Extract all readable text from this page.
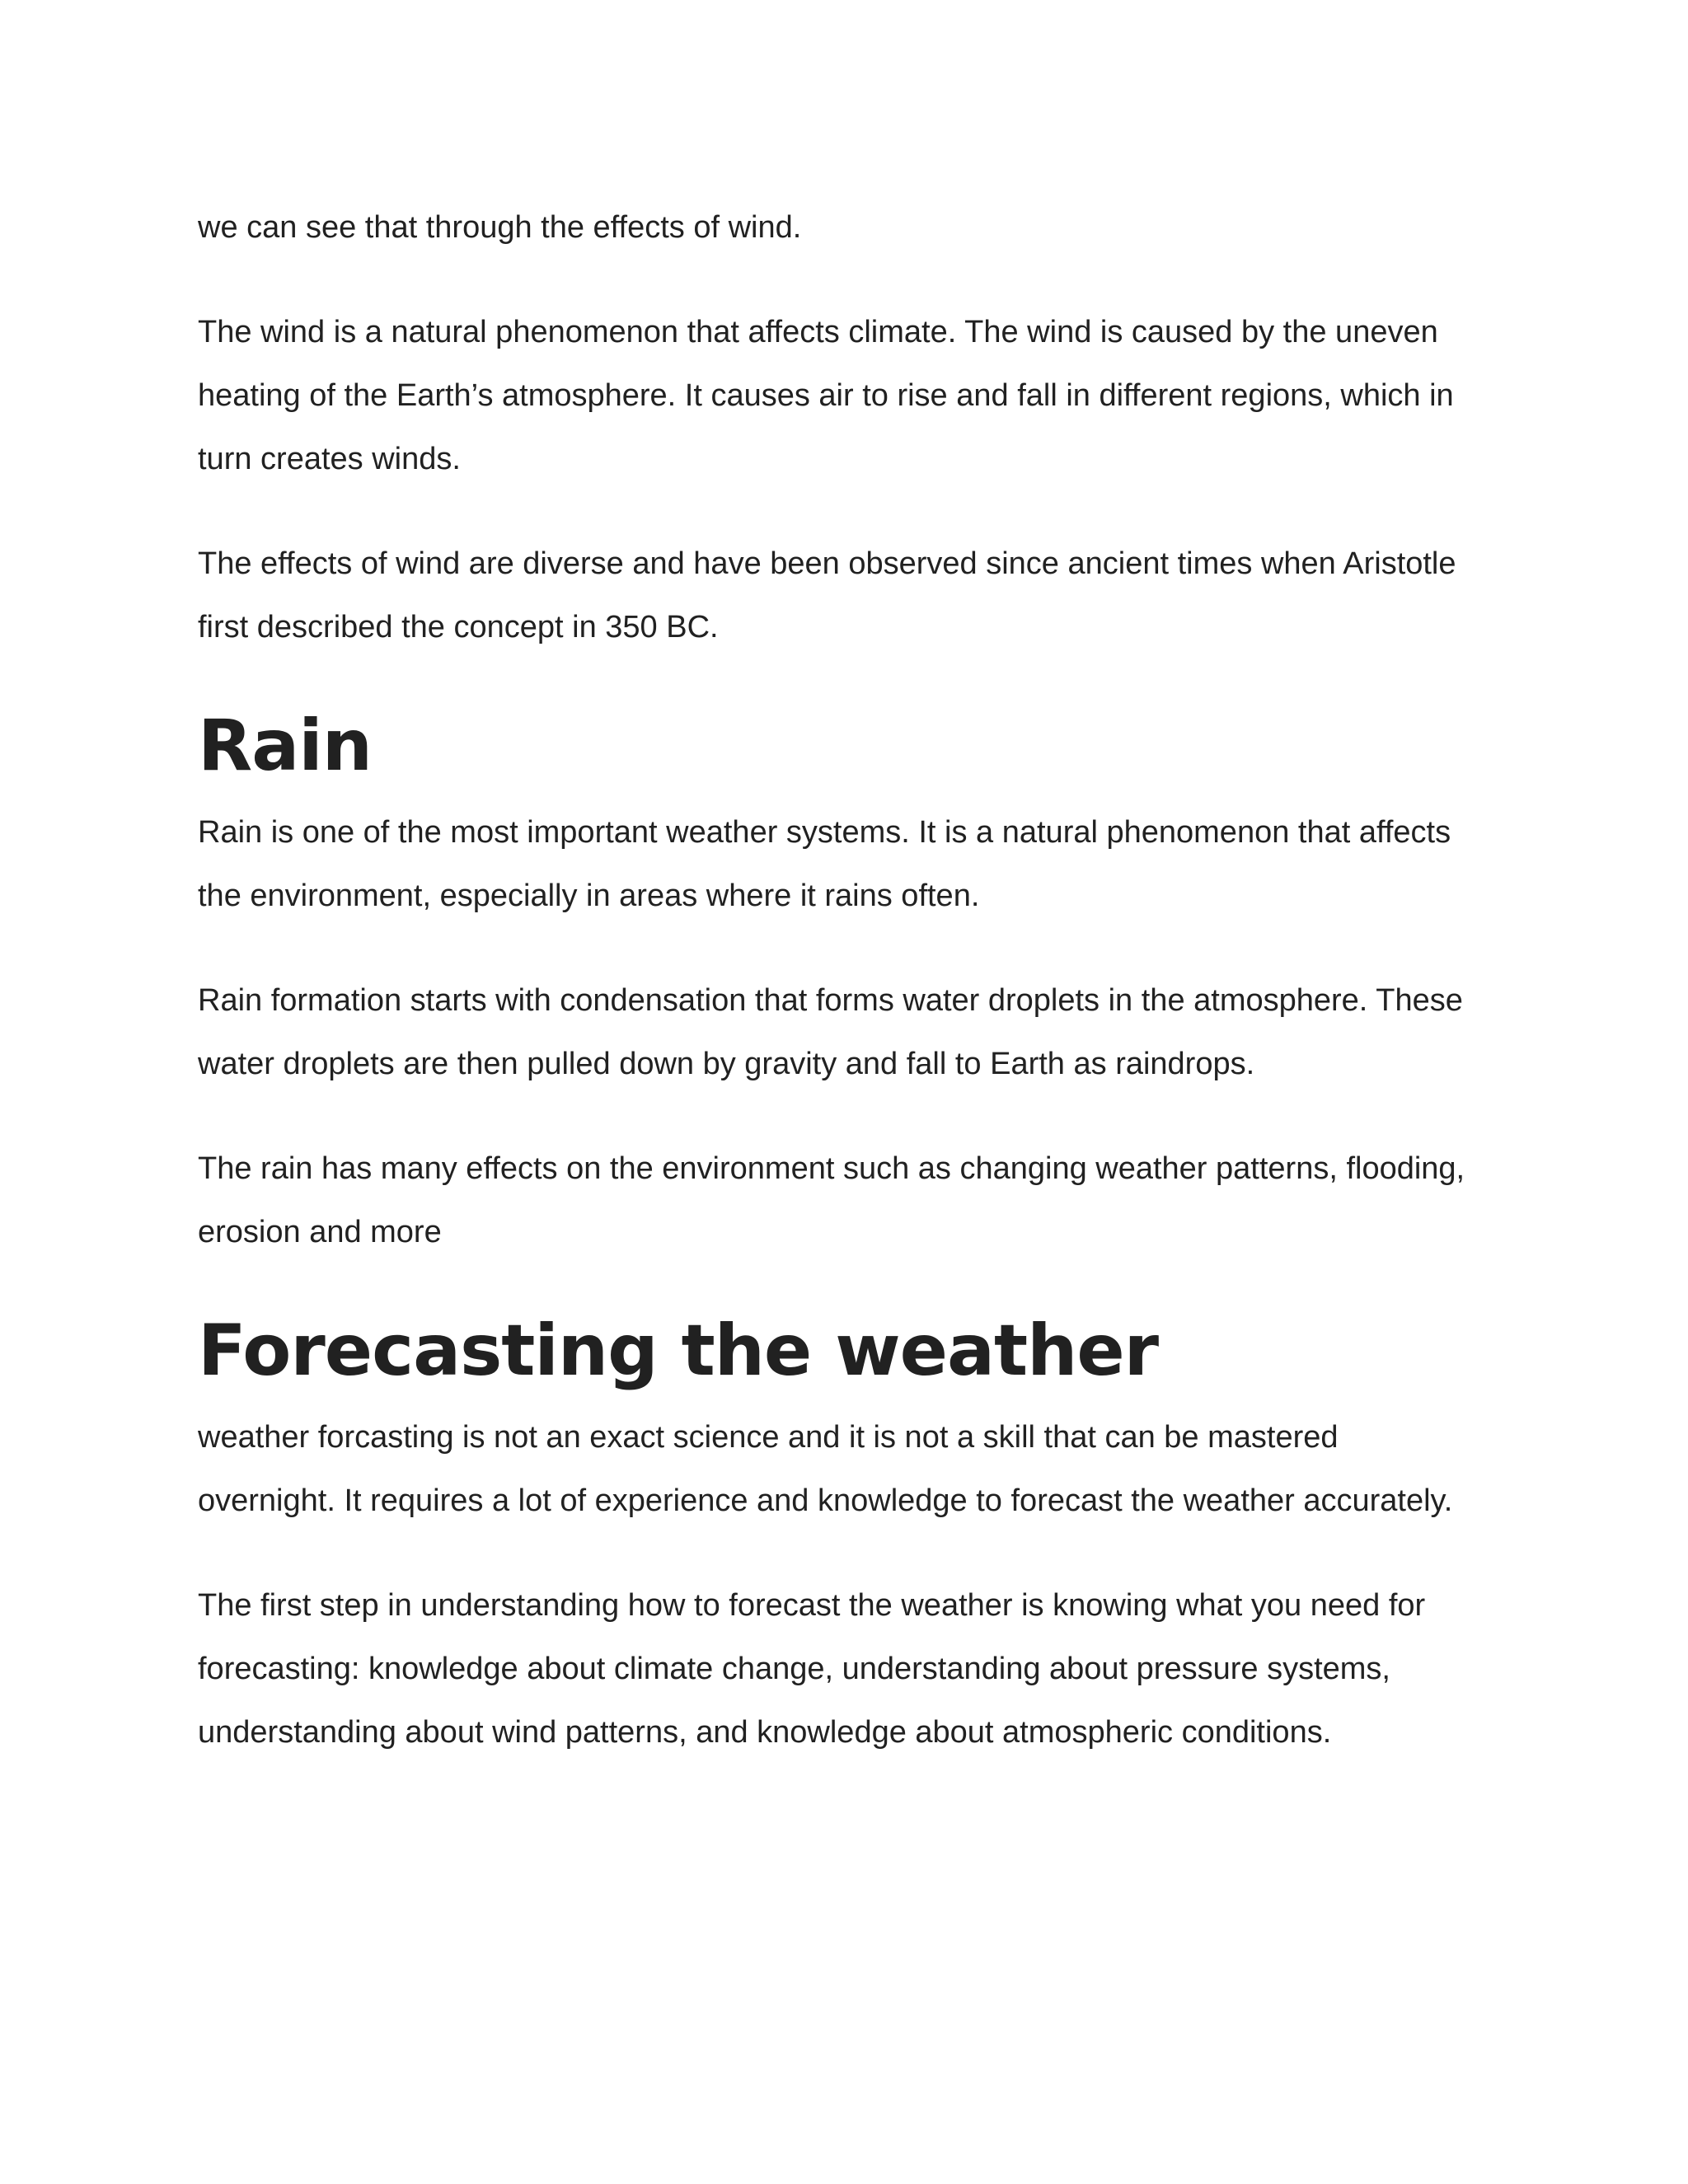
we can see that through the effects of wind.

The wind is a natural phenomenon that affects climate. The wind is caused by the uneven heating of the Earth’s atmosphere. It causes air to rise and fall in different regions, which in turn creates winds.

The effects of wind are diverse and have been observed since ancient times when Aristotle first described the concept in 350 BC.

Rain

Rain is one of the most important weather systems. It is a natural phenomenon that affects the environment, especially in areas where it rains often.

Rain formation starts with condensation that forms water droplets in the atmosphere. These water droplets are then pulled down by gravity and fall to Earth as raindrops.

The rain has many effects on the environment such as changing weather patterns, flooding, erosion and more

Forecasting the weather

weather forcasting is not an exact science and it is not a skill that can be mastered overnight. It requires a lot of experience and knowledge to forecast the weather accurately.

The first step in understanding how to forecast the weather is knowing what you need for forecasting: knowledge about climate change, understanding about pressure systems, understanding about wind patterns, and knowledge about atmospheric conditions.
